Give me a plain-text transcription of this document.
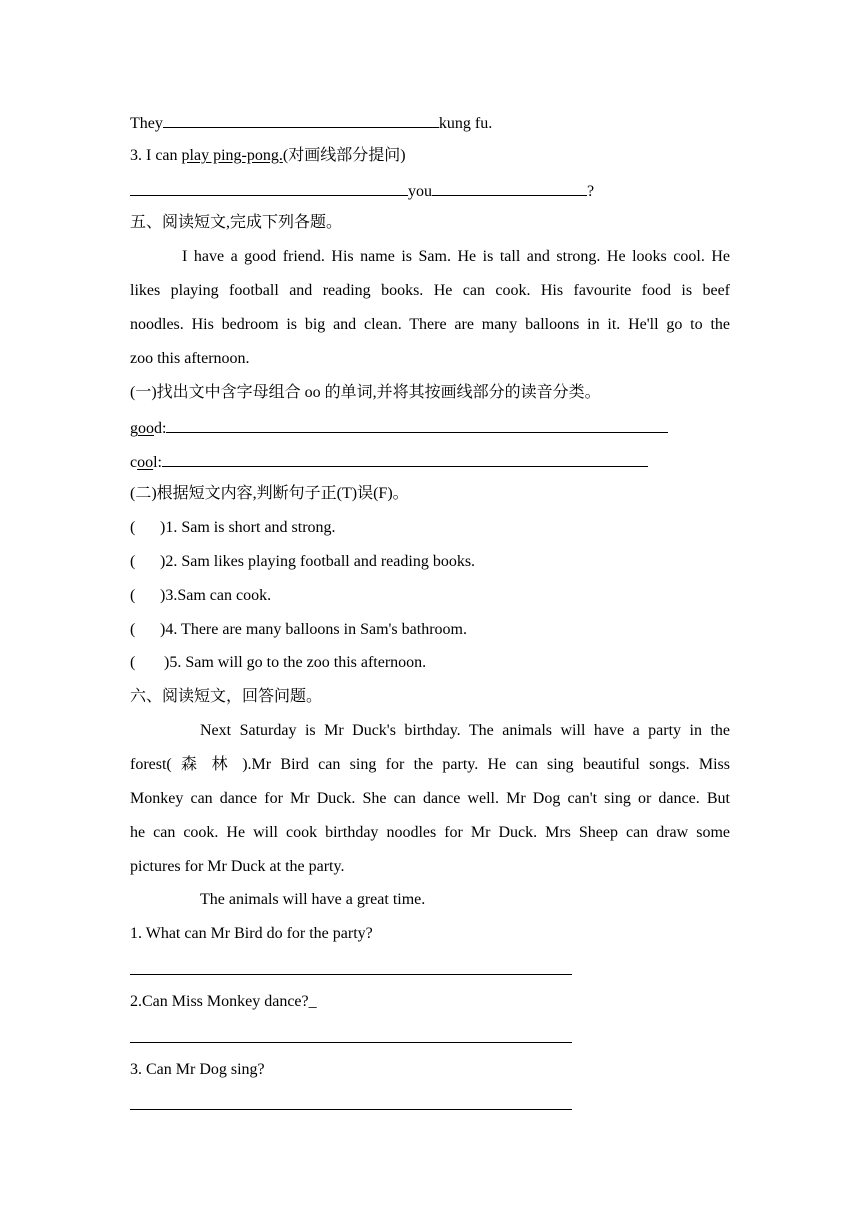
They	kung fu.
3. I can play ping-pong.(对画线部分提问)
you	?
五、阅读短文,完成下列各题。
I have a good friend. His name is Sam. He is tall and strong. He looks cool. He
likes playing football and reading books. He can cook. His favourite food is beef
noodles. His bedroom is big and clean. There are many balloons in it. He'll go to the
zoo this afternoon.
(一)找出文中含字母组合 oo 的单词,并将其按画线部分的读音分类。
good:
cool:
(二)根据短文内容,判断句子正(T)误(F)。
( )1. Sam is short and strong.
( )2. Sam likes playing football and reading books.
( )3.Sam can cook.
( )4. There are many balloons in Sam's bathroom.
( )5. Sam will go to the zoo this afternoon.
六、阅读短文，回答问题。
Next Saturday is Mr Duck's birthday. The animals will have a party in the
forest( 森 林 ).Mr Bird can sing for the party. He can sing beautiful songs. Miss
Monkey can dance for Mr Duck. She can dance well. Mr Dog can't sing or dance. But
he can cook. He will cook birthday noodles for Mr Duck. Mrs Sheep can draw some
pictures for Mr Duck at the party.
The animals will have a great time.
1. What can Mr Bird do for the party?
2.Can Miss Monkey dance?_
3. Can Mr Dog sing?
